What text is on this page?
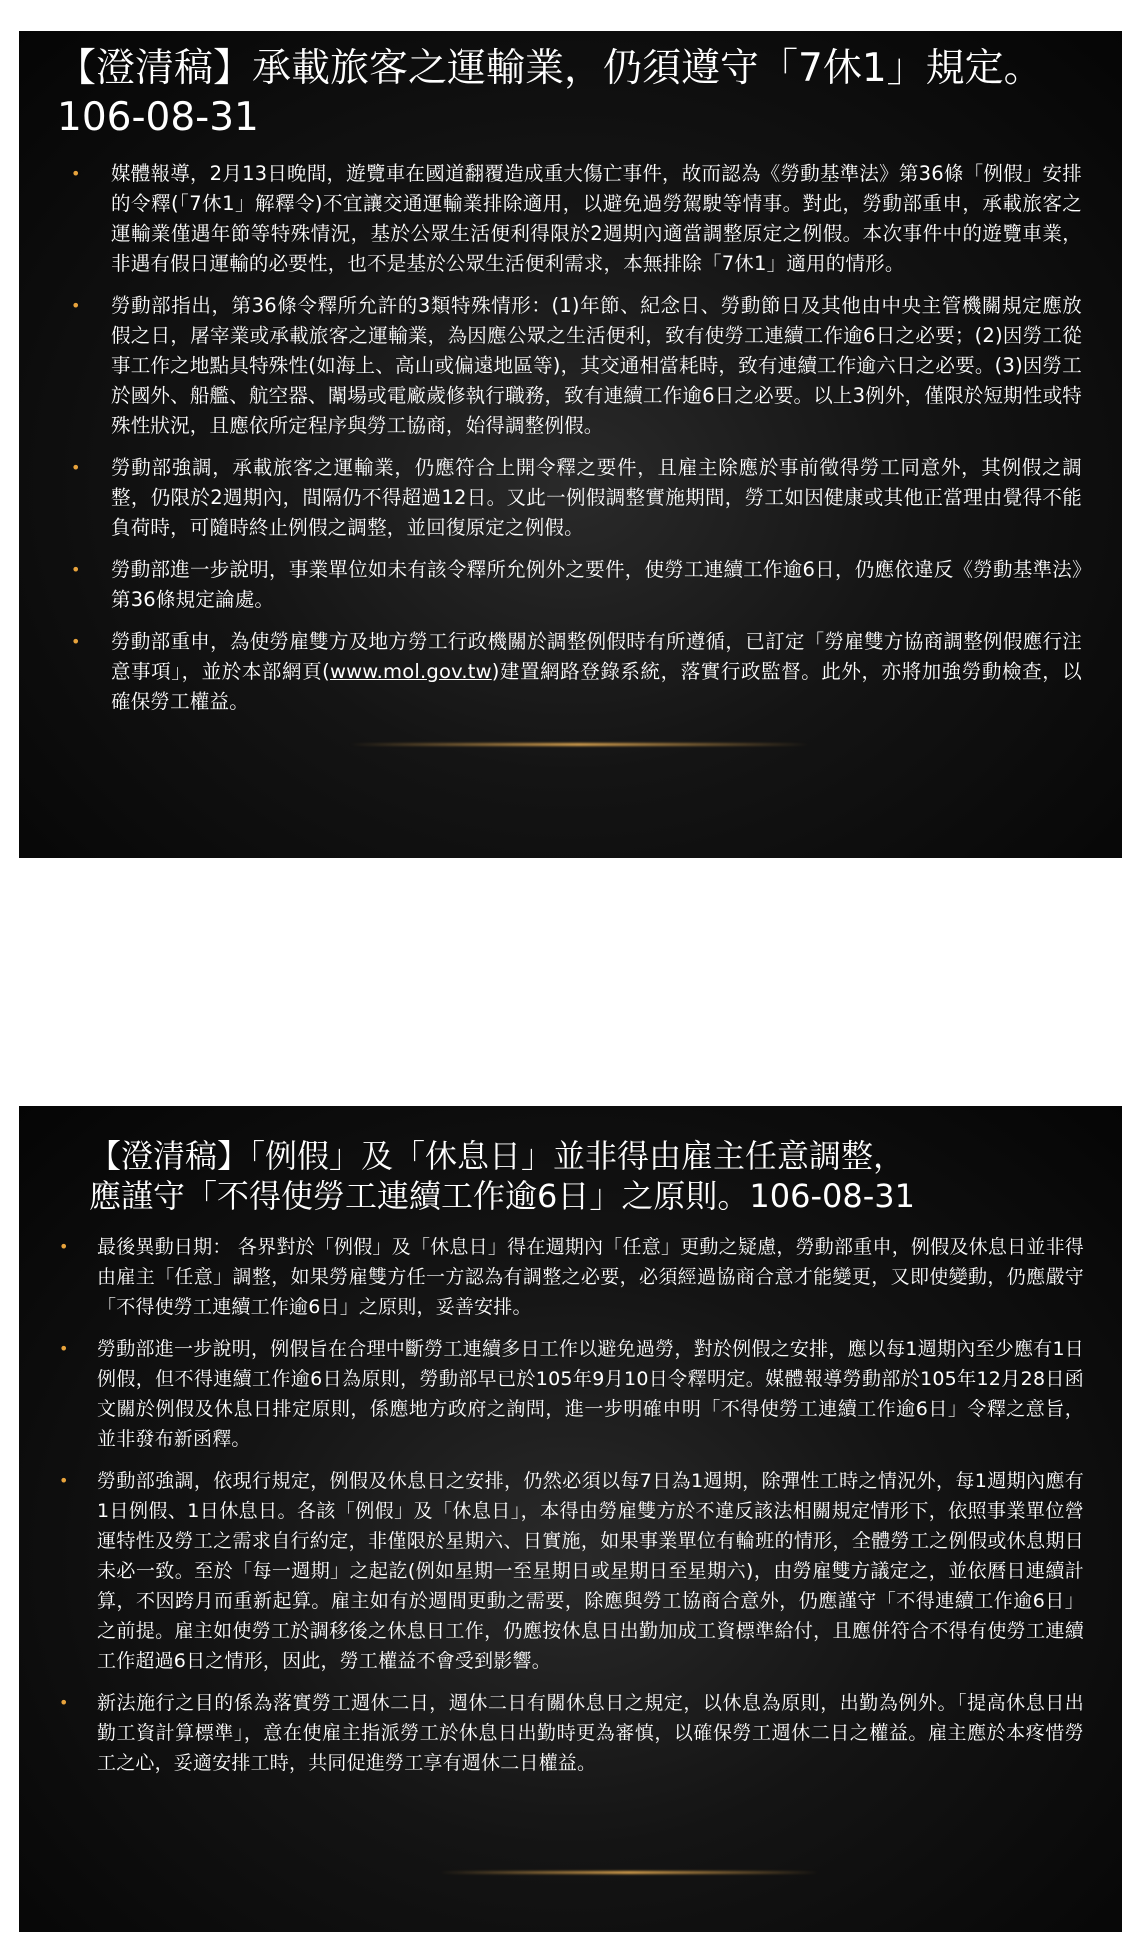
【澄清稿】承載旅客之運輸業，仍須遵守「7休1」規定。106-08-31
• 媒體報導，2月13日晚間，遊覽車在國道翻覆造成重大傷亡事件，故而認為《勞動基準法》第36條「例假」安排的令釋(「7休1」解釋令)不宜讓交通運輸業排除適用，以避免過勞駕駛等情事。對此，勞動部重申，承載旅客之運輸業僅遇年節等特殊情況，基於公眾生活便利得限於2週期內適當調整原定之例假。本次事件中的遊覽車業，非遇有假日運輸的必要性，也不是基於公眾生活便利需求，本無排除「7休1」適用的情形。
• 勞動部指出，第36條令釋所允許的3類特殊情形：(1)年節、紀念日、勞動節日及其他由中央主管機關規定應放假之日，屠宰業或承載旅客之運輸業，為因應公眾之生活便利，致有使勞工連續工作逾6日之必要；(2)因勞工從事工作之地點具特殊性(如海上、高山或偏遠地區等)，其交通相當耗時，致有連續工作逾六日之必要。(3)因勞工於國外、船艦、航空器、闈場或電廠歲修執行職務，致有連續工作逾6日之必要。以上3例外，僅限於短期性或特殊性狀況，且應依所定程序與勞工協商，始得調整例假。
• 勞動部強調，承載旅客之運輸業，仍應符合上開令釋之要件，且雇主除應於事前徵得勞工同意外，其例假之調整，仍限於2週期內，間隔仍不得超過12日。又此一例假調整實施期間，勞工如因健康或其他正當理由覺得不能負荷時，可隨時終止例假之調整，並回復原定之例假。
• 勞動部進一步說明，事業單位如未有該令釋所允例外之要件，使勞工連續工作逾6日，仍應依違反《勞動基準法》第36條規定論處。
• 勞動部重申，為使勞雇雙方及地方勞工行政機關於調整例假時有所遵循，已訂定「勞雇雙方協商調整例假應行注意事項」，並於本部網頁(www.mol.gov.tw)建置網路登錄系統，落實行政監督。此外，亦將加強勞動檢查，以確保勞工權益。
【澄清稿】「例假」及「休息日」並非得由雇主任意調整，
應謹守「不得使勞工連續工作逾6日」之原則。106-08-31
• 最後異動日期： 各界對於「例假」及「休息日」得在週期內「任意」更動之疑慮，勞動部重申，例假及休息日並非得由雇主「任意」調整，如果勞雇雙方任一方認為有調整之必要，必須經過協商合意才能變更，又即使變動，仍應嚴守「不得使勞工連續工作逾6日」之原則，妥善安排。
• 勞動部進一步說明，例假旨在合理中斷勞工連續多日工作以避免過勞，對於例假之安排，應以每1週期內至少應有1日例假，但不得連續工作逾6日為原則，勞動部早已於105年9月10日令釋明定。媒體報導勞動部於105年12月28日函文關於例假及休息日排定原則，係應地方政府之詢問，進一步明確申明「不得使勞工連續工作逾6日」令釋之意旨，並非發布新函釋。
• 勞動部強調，依現行規定，例假及休息日之安排，仍然必須以每7日為1週期，除彈性工時之情況外，每1週期內應有1日例假、1日休息日。各該「例假」及「休息日」，本得由勞雇雙方於不違反該法相關規定情形下，依照事業單位營運特性及勞工之需求自行約定，非僅限於星期六、日實施，如果事業單位有輪班的情形，全體勞工之例假或休息期日未必一致。至於「每一週期」之起訖(例如星期一至星期日或星期日至星期六)，由勞雇雙方議定之，並依曆日連續計算，不因跨月而重新起算。雇主如有於週間更動之需要，除應與勞工協商合意外，仍應謹守「不得連續工作逾6日」之前提。雇主如使勞工於調移後之休息日工作，仍應按休息日出勤加成工資標準給付，且應併符合不得有使勞工連續工作超過6日之情形，因此，勞工權益不會受到影響。
• 新法施行之目的係為落實勞工週休二日，週休二日有關休息日之規定，以休息為原則，出勤為例外。「提高休息日出勤工資計算標準」，意在使雇主指派勞工於休息日出勤時更為審慎，以確保勞工週休二日之權益。雇主應於本疼惜勞工之心，妥適安排工時，共同促進勞工享有週休二日權益。
